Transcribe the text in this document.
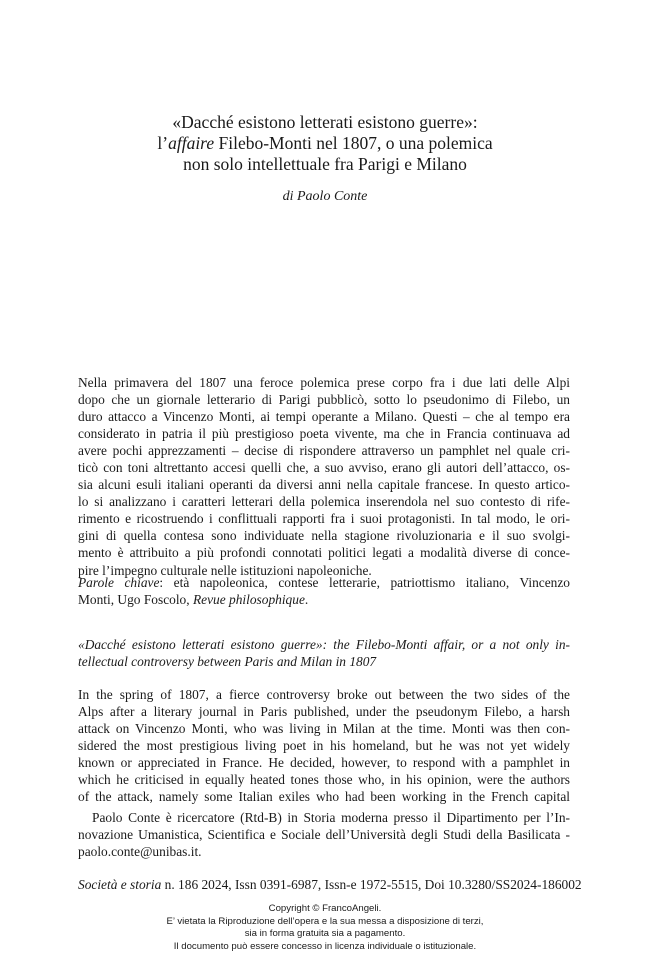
«Dacché esistono letterati esistono guerre»:
l’affaire Filebo-Monti nel 1807, o una polemica
non solo intellettuale fra Parigi e Milano
di Paolo Conte
Nella primavera del 1807 una feroce polemica prese corpo fra i due lati delle Alpi
dopo che un giornale letterario di Parigi pubblicò, sotto lo pseudonimo di Filebo, un
duro attacco a Vincenzo Monti, ai tempi operante a Milano. Questi – che al tempo era
considerato in patria il più prestigioso poeta vivente, ma che in Francia continuava ad
avere pochi apprezzamenti – decise di rispondere attraverso un pamphlet nel quale cri-
ticò con toni altrettanto accesi quelli che, a suo avviso, erano gli autori dell’attacco, os-
sia alcuni esuli italiani operanti da diversi anni nella capitale francese. In questo artico-
lo si analizzano i caratteri letterari della polemica inserendola nel suo contesto di rife-
rimento e ricostruendo i conflittuali rapporti fra i suoi protagonisti. In tal modo, le ori-
gini di quella contesa sono individuate nella stagione rivoluzionaria e il suo svolgi-
mento è attribuito a più profondi connotati politici legati a modalità diverse di conce-
pire l’impegno culturale nelle istituzioni napoleoniche.
Parole chiave: età napoleonica, contese letterarie, patriottismo italiano, Vincenzo
Monti, Ugo Foscolo, Revue philosophique.
«Dacché esistono letterati esistono guerre»: the Filebo-Monti affair, or a not only in-
tellectual controversy between Paris and Milan in 1807
In the spring of 1807, a fierce controversy broke out between the two sides of the
Alps after a literary journal in Paris published, under the pseudonym Filebo, a harsh
attack on Vincenzo Monti, who was living in Milan at the time. Monti was then con-
sidered the most prestigious living poet in his homeland, but he was not yet widely
known or appreciated in France. He decided, however, to respond with a pamphlet in
which he criticised in equally heated tones those who, in his opinion, were the authors
of the attack, namely some Italian exiles who had been working in the French capital
Paolo Conte è ricercatore (Rtd-B) in Storia moderna presso il Dipartimento per l’In-
novazione Umanistica, Scientifica e Sociale dell’Università degli Studi della Basilicata -
paolo.conte@unibas.it.
Società e storia n. 186 2024, Issn 0391-6987, Issn-e 1972-5515, Doi 10.3280/SS2024-186002
Copyright © FrancoAngeli.
E’ vietata la Riproduzione dell’opera e la sua messa a disposizione di terzi,
sia in forma gratuita sia a pagamento.
Il documento può essere concesso in licenza individuale o istituzionale.
